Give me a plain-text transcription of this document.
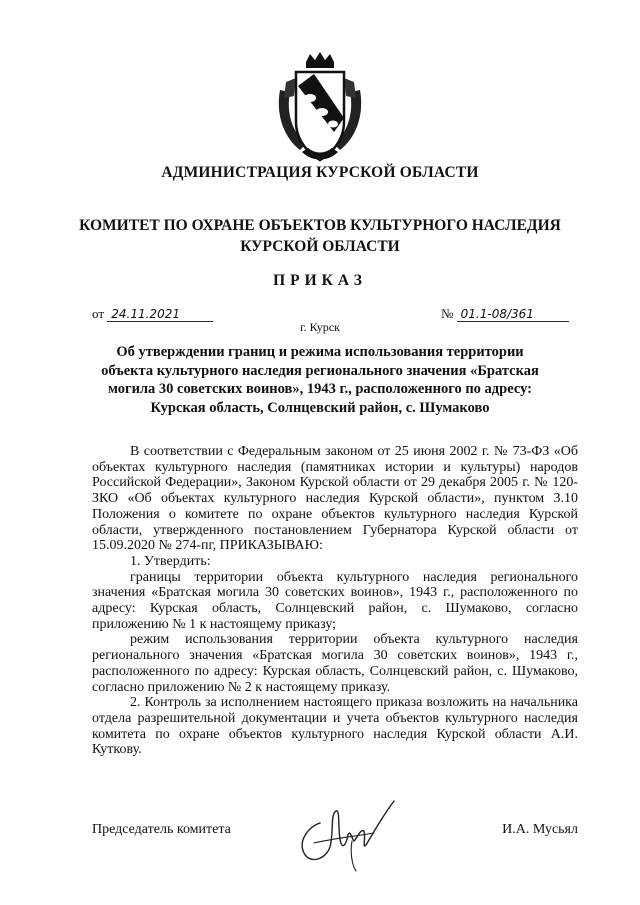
АДМИНИСТРАЦИЯ КУРСКОЙ ОБЛАСТИ
КОМИТЕТ ПО ОХРАНЕ ОБЪЕКТОВ КУЛЬТУРНОГО НАСЛЕДИЯ
КУРСКОЙ ОБЛАСТИ
ПРИКАЗ
от 24.11.2021	№ 01.1-08/361
г. Курск
Об утверждении границ и режима использования территории
объекта культурного наследия регионального значения «Братская
могила 30 советских воинов», 1943 г., расположенного по адресу:
Курская область, Солнцевский район, с. Шумаково

В соответствии с Федеральным законом от 25 июня 2002 г. № 73-ФЗ «Об объектах культурного наследия (памятниках истории и культуры) народов Российской Федерации», Законом Курской области от 29 декабря 2005 г. № 120-ЗКО «Об объектах культурного наследия Курской области», пунктом 3.10 Положения о комитете по охране объектов культурного наследия Курской области, утвержденного постановлением Губернатора Курской области от 15.09.2020 № 274-пг, ПРИКАЗЫВАЮ:

1. Утвердить:

границы территории объекта культурного наследия регионального значения «Братская могила 30 советских воинов», 1943 г., расположенного по адресу: Курская область, Солнцевский район, с. Шумаково, согласно приложению № 1 к настоящему приказу;

режим использования территории объекта культурного наследия регионального значения «Братская могила 30 советских воинов», 1943 г., расположенного по адресу: Курская область, Солнцевский район, с. Шумаково, согласно приложению № 2 к настоящему приказу.

2. Контроль за исполнением настоящего приказа возложить на начальника отдела разрешительной документации и учета объектов культурного наследия комитета по охране объектов культурного наследия Курской области А.И. Куткову.

Председатель комитета	И.А. Мусьял
